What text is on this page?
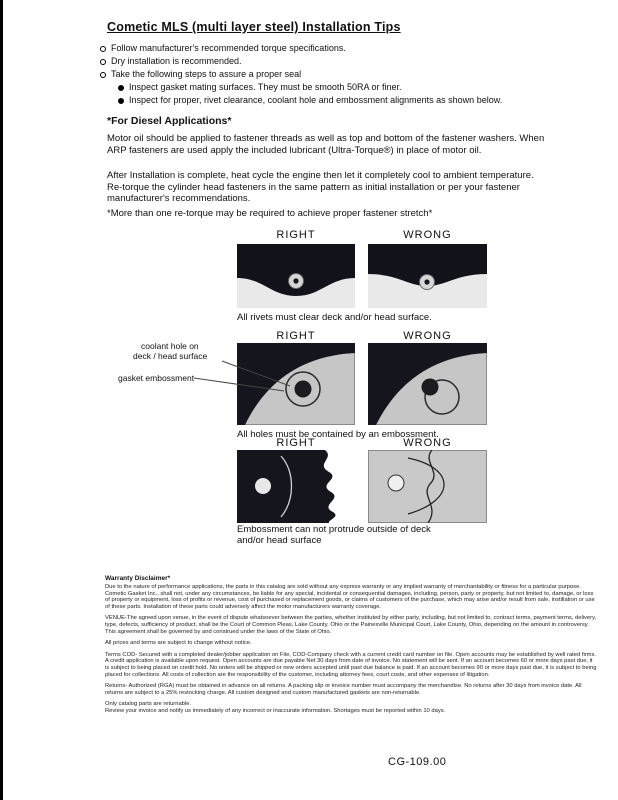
Cometic MLS (multi layer steel) Installation Tips
Follow manufacturer's recommended torque specifications.
Dry installation is recommended.
Take the following steps to assure a proper seal
Inspect gasket mating surfaces. They must be smooth 50RA or finer.
Inspect for proper, rivet clearance, coolant hole and embossment alignments as shown below.
*For Diesel Applications*
Motor oil should be applied to fastener threads as well as top and bottom of the fastener washers. When ARP fasteners are used apply the included lubricant (Ultra-Torque®) in place of motor oil.
After Installation is complete, heat cycle the engine then let it completely cool to ambient temperature. Re-torque the cylinder head fasteners in the same pattern as initial installation or per your fastener manufacturer's recommendations.
*More than one re-torque may be required to achieve proper fastener stretch*
RIGHT	WRONG
All rivets must clear deck and/or head surface.
RIGHT	WRONG
coolant hole on
deck / head surface
gasket embossment
All holes must be contained by an embossment.
RIGHT	WRONG
Embossment can not protrude outside of deck
and/or head surface
Warranty Disclaimer*

Due to the nature of performance applications, the parts in this catalog are sold without any express warranty or any implied warranty of merchantability or fitness for a particular purpose. Cometic Gasket Inc., shall not, under any circumstances, be liable for any special, incidental or consequential damages, including, person, party or property, but not limited to, damage, or loss of property or equipment, loss of profits or revenue, cost of purchased or replacement goods, or claims of customers of the purchase, which may arise and/or result from sale, instillation or use of these parts. Installation of these parts could adversely affect the motor manufacturers warranty coverage.

VENUE-The agreed upon venue, in the event of dispute whatsoever between the parties, whether instituted by either party, including, but not limited to, contract terms, payment terms, delivery, type, defects, sufficiency of product, shall be the Court of Common Pleas, Lake County, Ohio or the Painesville Municipal Court, Lake County, Ohio, depending on the amount in controversy. This agreement shall be governed by and construed under the laws of the State of Ohio.

All prices and terms are subject to change without notice.

Terms COD- Secured with a completed dealer/jobber application on File, COD-Company check with a current credit card number on file. Open accounts may be established by well rated firms. A credit application is available upon request. Open accounts are due payable Net 30 days from date of invoice. No statement will be sent. If an account becomes 60 or more days past due, it is subject to being placed on credit hold. No orders will be shipped or new orders accepted until past due balance is paid. If an account becomes 90 or more days past due, it is subject to being placed for collections. All costs of collection are the responsibility of the customer, including attorney fees, court costs, and other expenses of litigation.

Returns- Authorized (RGA) must be obtained in advance on all returns. A packing slip or invoice number must accompany the merchandise. No returns after 30 days from invoice date. All returns are subject to a 25% restocking charge. All custom designed and custom manufactured gaskets are non-returnable.

Only catalog parts are returnable.

Review your invoice and notify us immediately of any incorrect or inaccurate information. Shortages must be reported within 10 days.

CG-109.00
